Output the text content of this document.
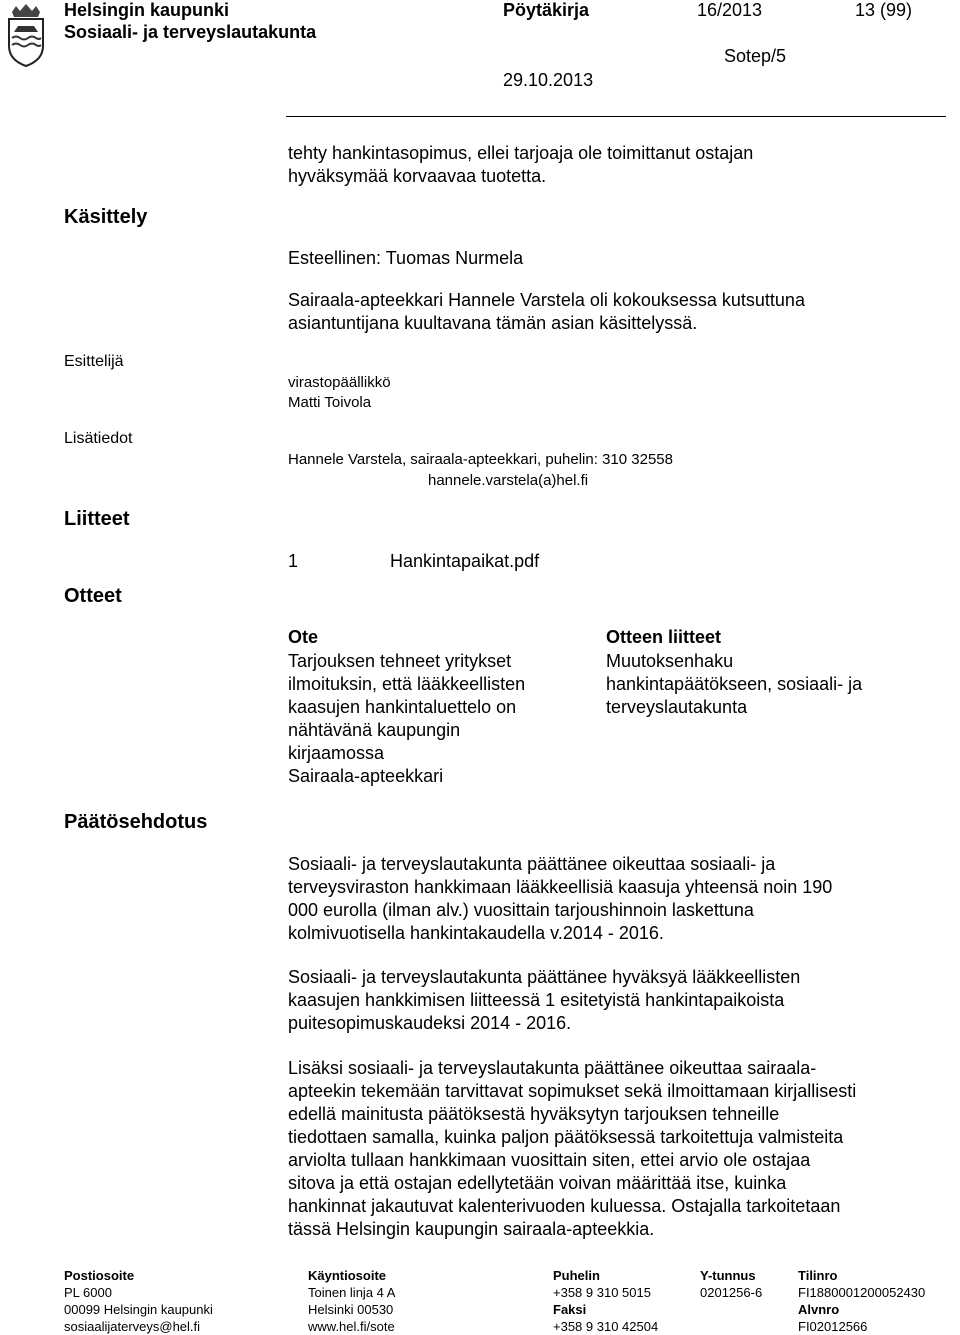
Helsingin kaupunki	Pöytäkirja	16/2013	13 (99)
Sosiaali- ja terveyslautakunta
Sotep/5
29.10.2013

tehty hankintasopimus, ellei tarjoaja ole toimittanut ostajan
hyväksymää korvaavaa tuotetta.

Käsittely
Esteellinen: Tuomas Nurmela

Sairaala-apteekkari Hannele Varstela oli kokouksessa kutsuttuna
asiantuntijana kuultavana tämän asian käsittelyssä.

Esittelijä
virastopäällikkö
Matti Toivola
Lisätiedot
Hannele Varstela, sairaala-apteekkari, puhelin: 310 32558
hannele.varstela(a)hel.fi
Liitteet
1	Hankintapaikat.pdf
Otteet
Ote

Tarjouksen tehneet yritykset
ilmoituksin, että lääkkeellisten
kaasujen hankintaluettelo on
nähtävänä kaupungin
kirjaamossa
Sairaala-apteekkari

Otteen liitteet

Muutoksenhaku
hankintapäätökseen, sosiaali- ja
terveyslautakunta

Päätösehdotus

Sosiaali- ja terveyslautakunta päättänee oikeuttaa sosiaali- ja
terveysviraston hankkimaan lääkkeellisiä kaasuja yhteensä noin 190
000 eurolla (ilman alv.) vuosittain tarjoushinnoin laskettuna
kolmivuotisella hankintakaudella v.2014 - 2016.

Sosiaali- ja terveyslautakunta päättänee hyväksyä lääkkeellisten
kaasujen hankkimisen liitteessä 1 esitetyistä hankintapaikoista
puitesopimuskaudeksi 2014 - 2016.

Lisäksi sosiaali- ja terveyslautakunta päättänee oikeuttaa sairaala-
apteekin tekemään tarvittavat sopimukset sekä ilmoittamaan kirjallisesti
edellä mainitusta päätöksestä hyväksytyn tarjouksen tehneille
tiedottaen samalla, kuinka paljon päätöksessä tarkoitettuja valmisteita
arviolta tullaan hankkimaan vuosittain siten, ettei arvio ole ostajaa
sitova ja että ostajan edellytetään voivan määrittää itse, kuinka
hankinnat jakautuvat kalenterivuoden kuluessa. Ostajalla tarkoitetaan
tässä Helsingin kaupungin sairaala-apteekkia.

Postiosoite
PL 6000
00099 Helsingin kaupunki
sosiaalijaterveys@hel.fi
Käyntiosoite
Toinen linja 4 A
Helsinki 00530
www.hel.fi/sote
Puhelin
+358 9 310 5015
Faksi
+358 9 310 42504
Y-tunnus
0201256-6
Tilinro
FI1880001200052430
Alvnro
FI02012566
